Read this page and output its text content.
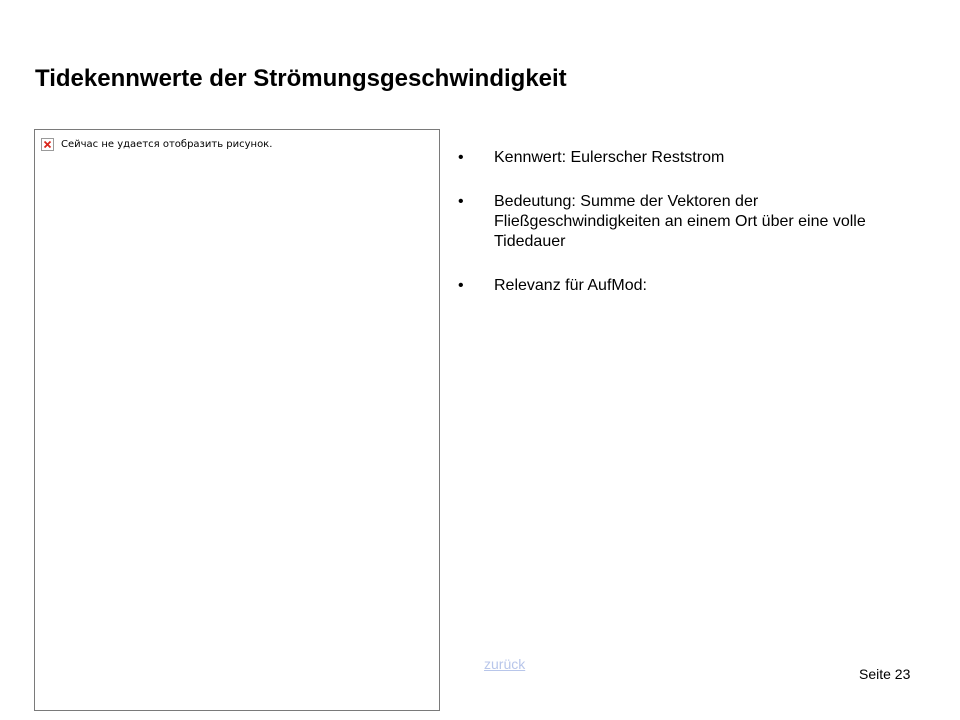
Tidekennwerte der Strömungsgeschwindigkeit
Сейчас не удается отобразить рисунок.
• Kennwert: Eulerscher Reststrom
• Bedeutung: Summe der Vektoren der Fließgeschwindigkeiten an einem Ort über eine volle Tidedauer
• Relevanz für AufMod:
zurück
Seite 23
